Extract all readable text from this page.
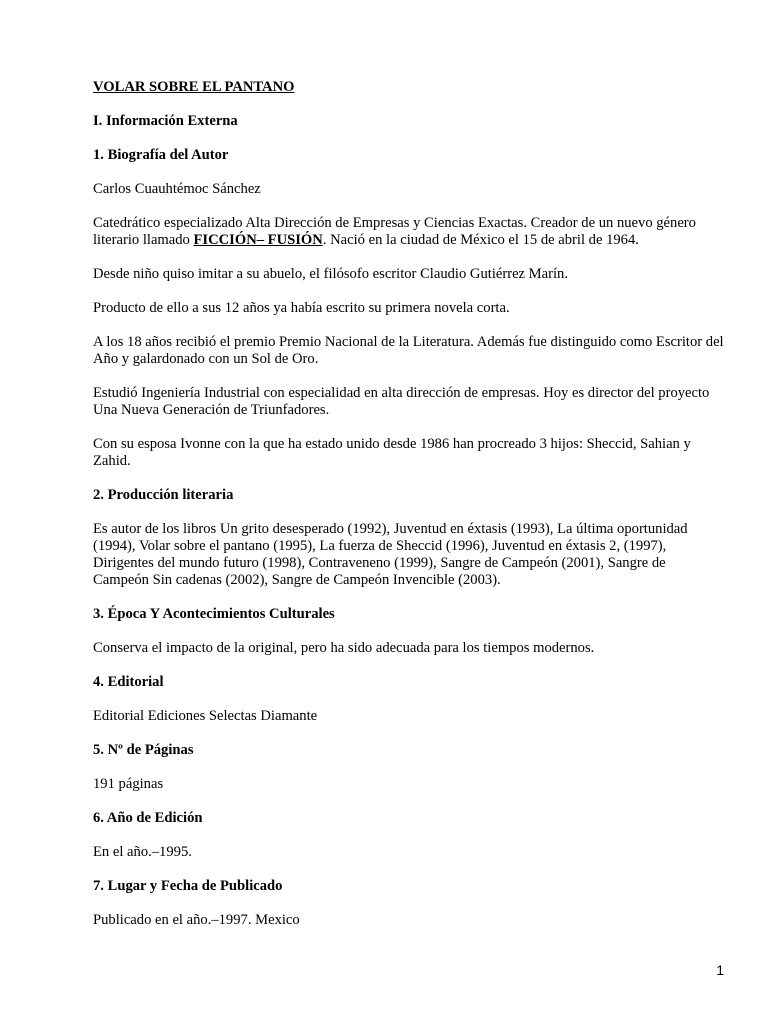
VOLAR SOBRE EL PANTANO

I. Información Externa

1. Biografía del Autor

Carlos Cuauhtémoc Sánchez

Catedrático especializado Alta Dirección de Empresas y Ciencias Exactas. Creador de un nuevo género literario llamado FICCIÓN– FUSIÓN. Nació en la ciudad de México el 15 de abril de 1964.

Desde niño quiso imitar a su abuelo, el filósofo escritor Claudio Gutiérrez Marín.

Producto de ello a sus 12 años ya había escrito su primera novela corta.

A los 18 años recibió el premio Premio Nacional de la Literatura. Además fue distinguido como Escritor del Año y galardonado con un Sol de Oro.

Estudió Ingeniería Industrial con especialidad en alta dirección de empresas. Hoy es director del proyecto Una Nueva Generación de Triunfadores.

Con su esposa Ivonne con la que ha estado unido desde 1986 han procreado 3 hijos: Sheccid, Sahian y Zahid.

2. Producción literaria

Es autor de los libros Un grito desesperado (1992), Juventud en éxtasis (1993), La última oportunidad (1994), Volar sobre el pantano (1995), La fuerza de Sheccid (1996), Juventud en éxtasis 2, (1997), Dirigentes del mundo futuro (1998), Contraveneno (1999), Sangre de Campeón (2001), Sangre de Campeón Sin cadenas (2002), Sangre de Campeón Invencible (2003).

3. Época Y Acontecimientos Culturales

Conserva el impacto de la original, pero ha sido adecuada para los tiempos modernos.

4. Editorial

Editorial Ediciones Selectas Diamante

5. Nº de Páginas

191 páginas

6. Año de Edición

En el año.–1995.

7. Lugar y Fecha de Publicado

Publicado en el año.–1997. Mexico

1
